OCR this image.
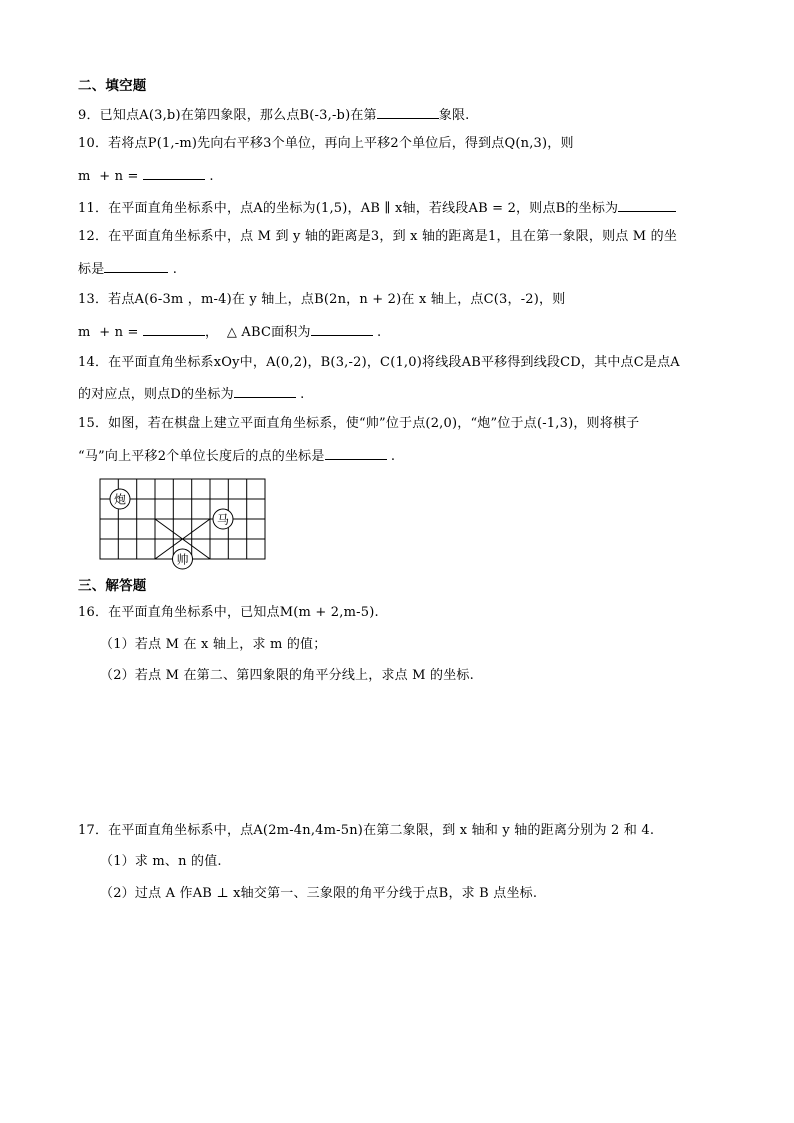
二、填空题
9．已知点A(3,b)在第四象限，那么点B(-3,-b)在第	象限.
10．若将点P(1,-m)先向右平移3个单位，再向上平移2个单位后，得到点Q(n,3)，则
m  + n =	.
11．在平面直角坐标系中，点A的坐标为(1,5)，AB ∥ x轴，若线段AB = 2，则点B的坐标为
12．在平面直角坐标系中，点 M 到 y 轴的距离是3，到 x 轴的距离是1，且在第一象限，则点 M 的坐
标是	.
13．若点A(6-3m ，m-4)在 y 轴上，点B(2n，n + 2)在 x 轴上，点C(3，-2)，则
m  + n =	，  △ ABC面积为	.
14．在平面直角坐标系xOy中，A(0,2)，B(3,-2)，C(1,0)将线段AB平移得到线段CD，其中点C是点A
的对应点，则点D的坐标为	.
15．如图，若在棋盘上建立平面直角坐标系，使“帅”位于点(2,0)，“炮”位于点(-1,3)，则将棋子
“马”向上平移2个单位长度后的点的坐标是	.
炮
马
帅
三、解答题
16．在平面直角坐标系中，已知点M(m + 2,m-5).
（1）若点 M 在 x 轴上，求 m 的值；
（2）若点 M 在第二、第四象限的角平分线上，求点 M 的坐标.
17．在平面直角坐标系中，点A(2m-4n,4m-5n)在第二象限，到 x 轴和 y 轴的距离分别为 2 和 4.
（1）求 m、n 的值.
（2）过点 A 作AB ⊥ x轴交第一、三象限的角平分线于点B，求 B 点坐标.
